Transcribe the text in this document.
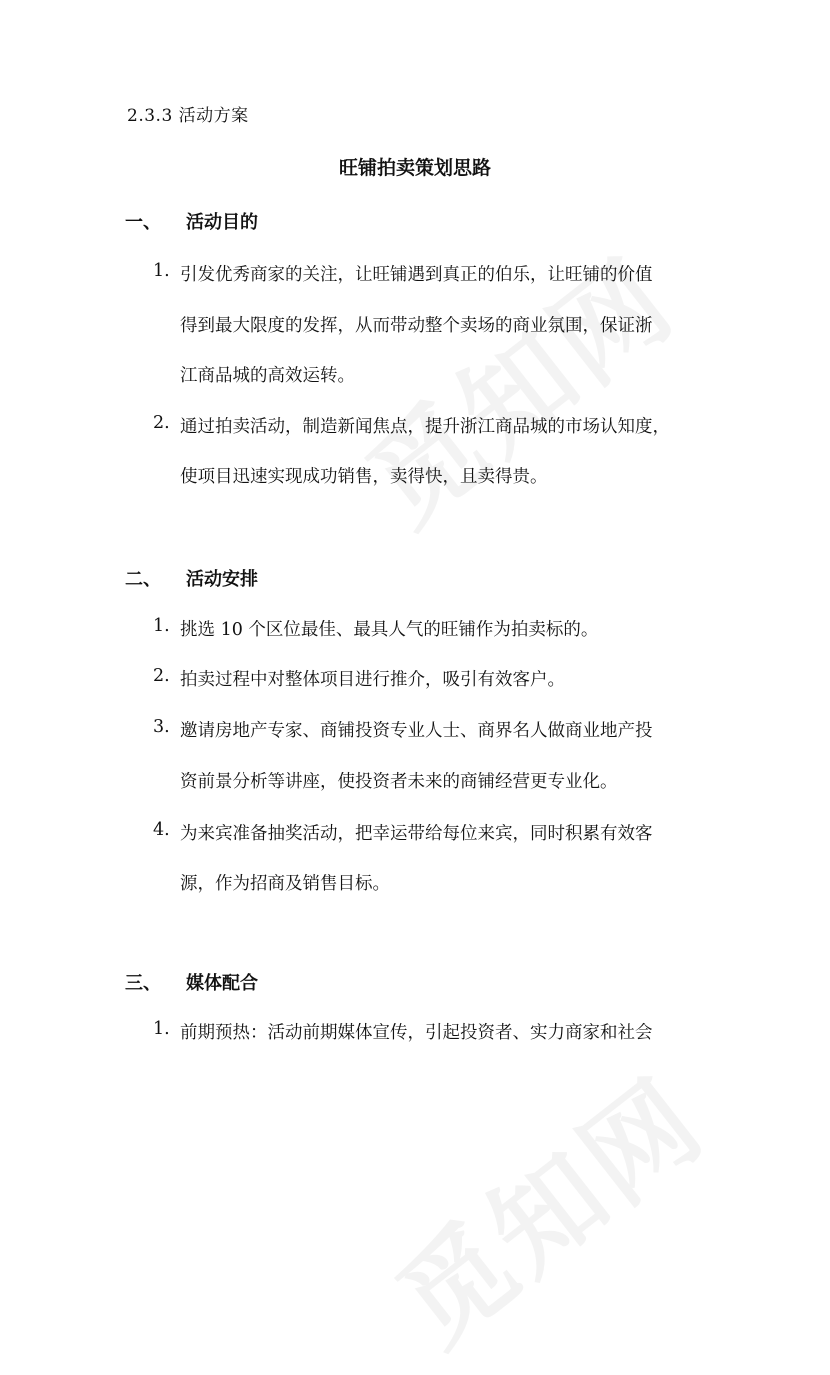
2.3.3 活动方案
旺铺拍卖策划思路
一、 活动目的
1. 引发优秀商家的关注，让旺铺遇到真正的伯乐，让旺铺的价值
得到最大限度的发挥，从而带动整个卖场的商业氛围，保证浙
江商品城的高效运转。
2. 通过拍卖活动，制造新闻焦点，提升浙江商品城的市场认知度，
使项目迅速实现成功销售，卖得快，且卖得贵。
二、 活动安排
1. 挑选 10 个区位最佳、最具人气的旺铺作为拍卖标的。
2. 拍卖过程中对整体项目进行推介，吸引有效客户。
3. 邀请房地产专家、商铺投资专业人士、商界名人做商业地产投
资前景分析等讲座，使投资者未来的商铺经营更专业化。
4. 为来宾准备抽奖活动，把幸运带给每位来宾，同时积累有效客
源，作为招商及销售目标。
三、 媒体配合
1. 前期预热：活动前期媒体宣传，引起投资者、实力商家和社会
